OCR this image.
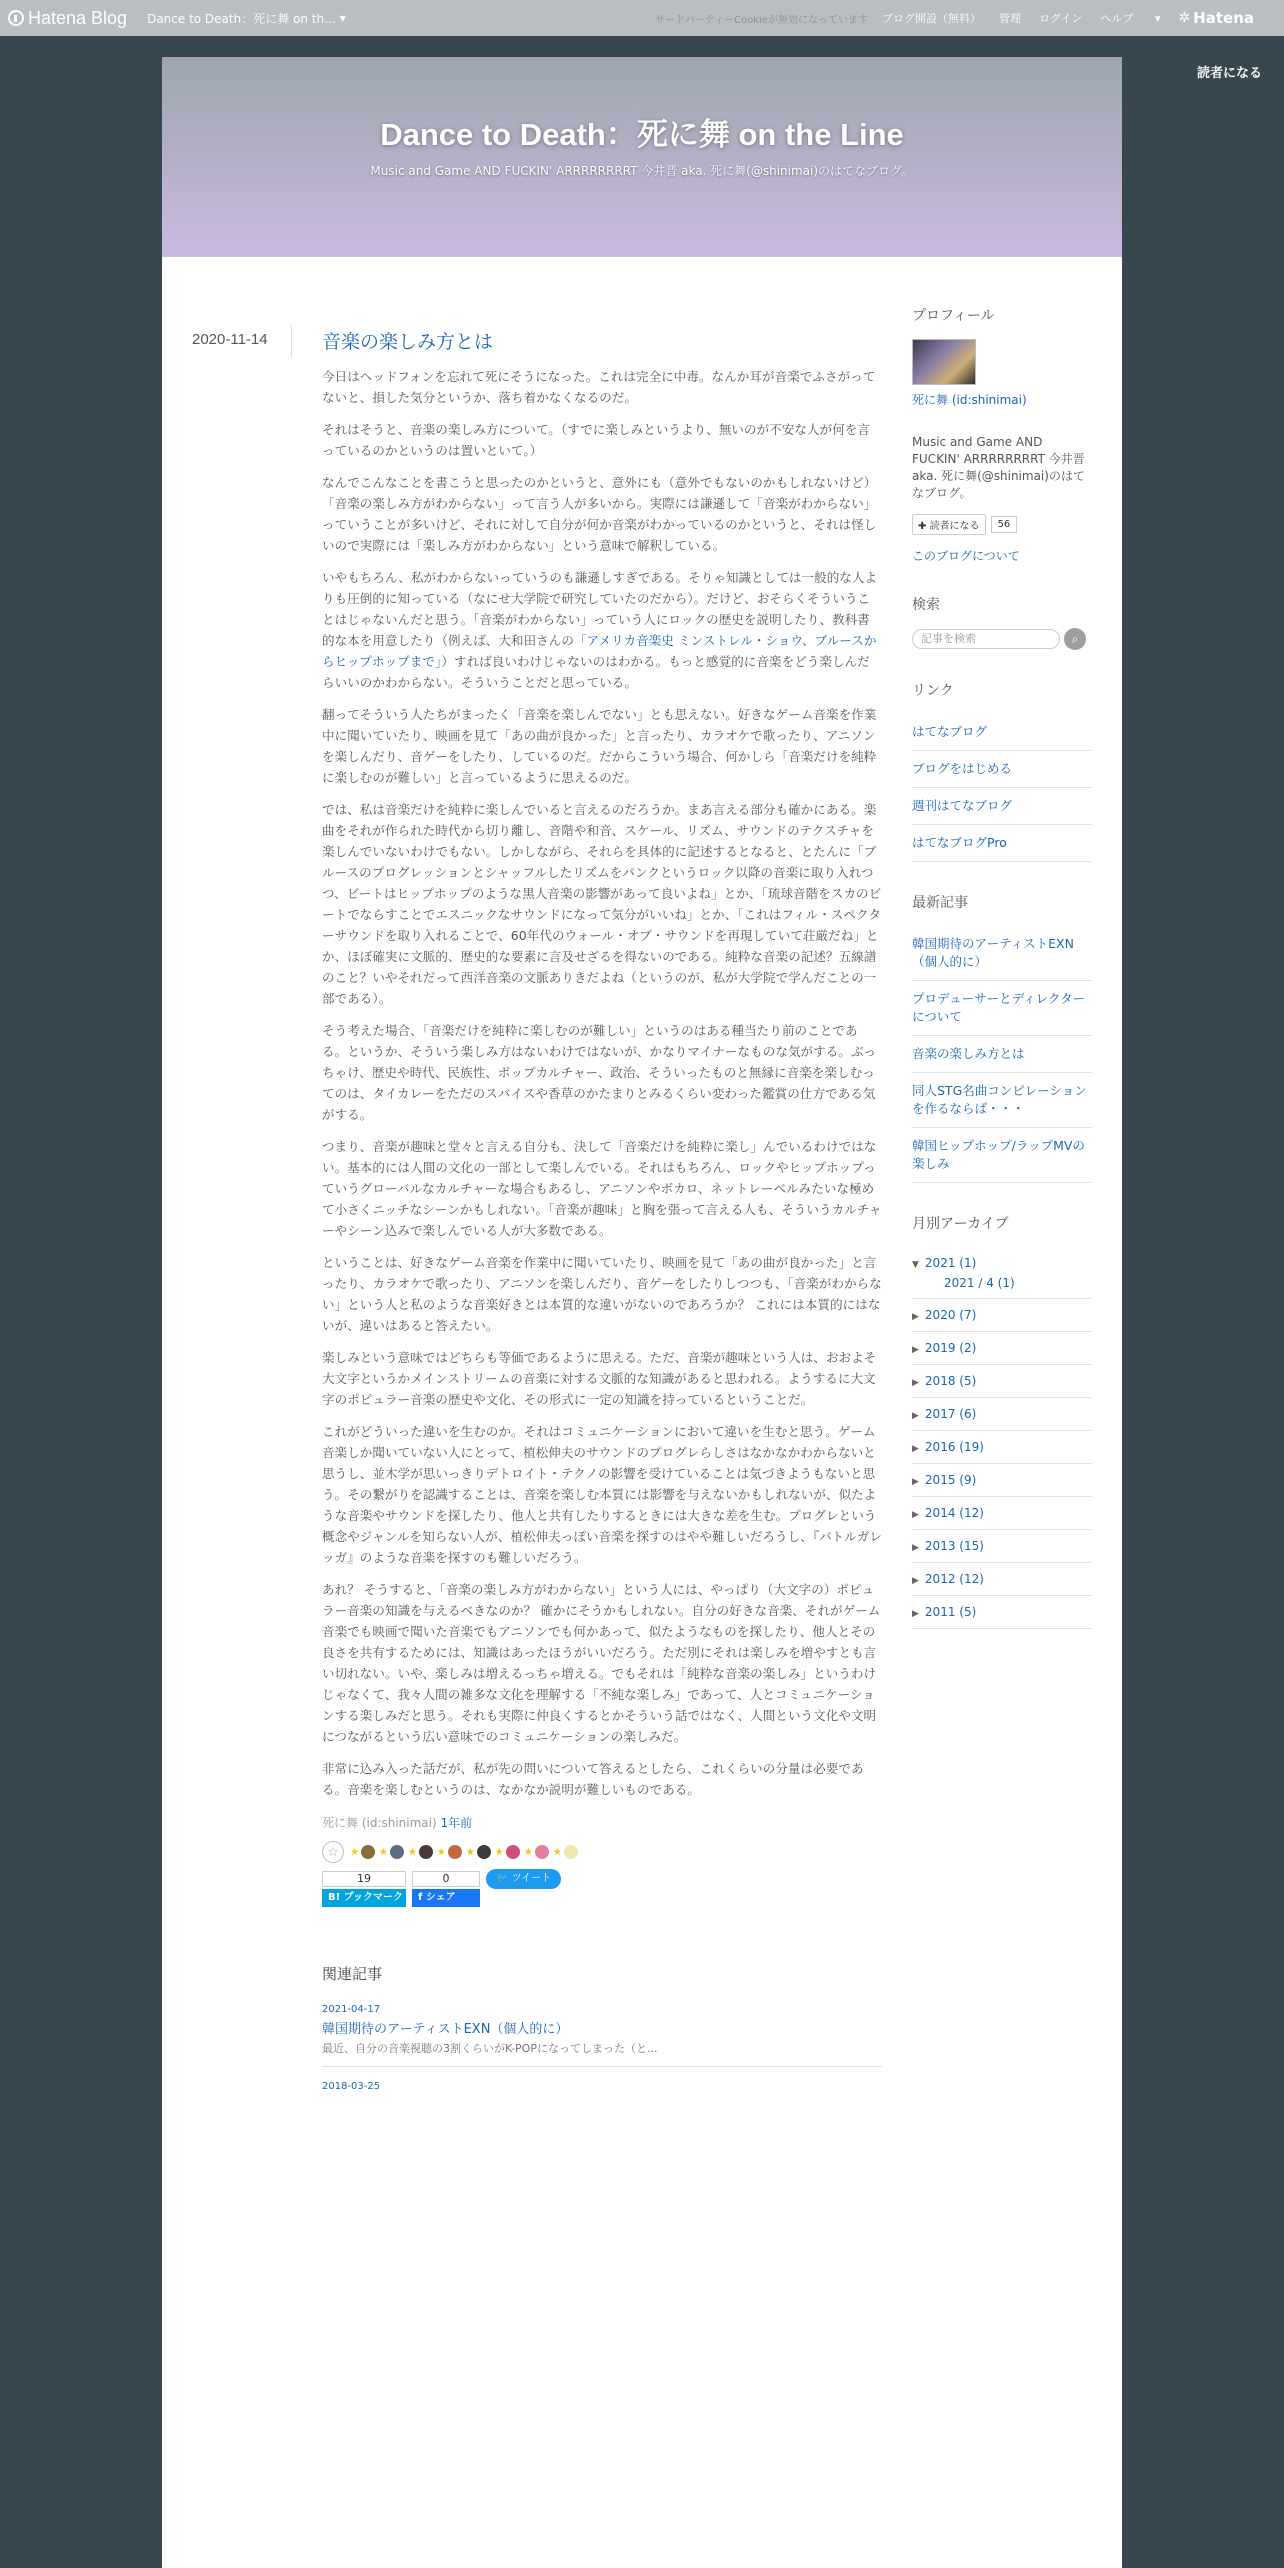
Hatena Blog Dance to Death：死に舞 on th... ▼	サードパーティーCookieが無効になっています ブログ開設（無料） 管理 ログイン ヘルプ ▾ ✲ Hatena
読者になる
Dance to Death：死に舞 on the Line

Music and Game AND FUCKIN' ARRRRRRRRT 今井晋 aka. 死に舞(@shinimai)のはてなブログ。

2020-11-14	音楽の楽しみ方とは

今日はヘッドフォンを忘れて死にそうになった。これは完全に中毒。なんか耳が音楽でふさがってないと、損した気分というか、落ち着かなくなるのだ。

それはそうと、音楽の楽しみ方について。（すでに楽しみというより、無いのが不安な人が何を言っているのかというのは置いといて。）

なんでこんなことを書こうと思ったのかというと、意外にも（意外でもないのかもしれないけど）「音楽の楽しみ方がわからない」って言う人が多いから。実際には謙遜して「音楽がわからない」っていうことが多いけど、それに対して自分が何か音楽がわかっているのかというと、それは怪しいので実際には「楽しみ方がわからない」という意味で解釈している。

いやもちろん、私がわからないっていうのも謙遜しすぎである。そりゃ知識としては一般的な人よりも圧倒的に知っている（なにせ大学院で研究していたのだから）。だけど、おそらくそういうことはじゃないんだと思う。「音楽がわからない」っていう人にロックの歴史を説明したり、教科書的な本を用意したり（例えば、大和田さんの「アメリカ音楽史 ミンストレル・ショウ、ブルースからヒップホップまで」）すれば良いわけじゃないのはわかる。もっと感覚的に音楽をどう楽しんだらいいのかわからない。そういうことだと思っている。

翻ってそういう人たちがまったく「音楽を楽しんでない」とも思えない。好きなゲーム音楽を作業中に聞いていたり、映画を見て「あの曲が良かった」と言ったり、カラオケで歌ったり、アニソンを楽しんだり、音ゲーをしたり、しているのだ。だからこういう場合、何かしら「音楽だけを純粋に楽しむのが難しい」と言っているように思えるのだ。

では、私は音楽だけを純粋に楽しんでいると言えるのだろうか。まあ言える部分も確かにある。楽曲をそれが作られた時代から切り離し、音階や和音、スケール、リズム、サウンドのテクスチャを楽しんでいないわけでもない。しかしながら、それらを具体的に記述するとなると、とたんに「ブルースのプログレッションとシャッフルしたリズムをパンクというロック以降の音楽に取り入れつつ、ビートはヒップホップのような黒人音楽の影響があって良いよね」とか、「琉球音階をスカのビートでならすことでエスニックなサウンドになって気分がいいね」とか、「これはフィル・スペクターサウンドを取り入れることで、60年代のウォール・オブ・サウンドを再現していて荘厳だね」とか、ほぼ確実に文脈的、歴史的な要素に言及せざるを得ないのである。純粋な音楽の記述？五線譜のこと？いやそれだって西洋音楽の文脈ありきだよね（というのが、私が大学院で学んだことの一部である）。

そう考えた場合、「音楽だけを純粋に楽しむのが難しい」というのはある種当たり前のことである。というか、そういう楽しみ方はないわけではないが、かなりマイナーなものな気がする。ぶっちゃけ、歴史や時代、民族性、ポップカルチャー、政治、そういったものと無縁に音楽を楽しむってのは、タイカレーをただのスパイスや香草のかたまりとみるくらい変わった鑑賞の仕方である気がする。

つまり、音楽が趣味と堂々と言える自分も、決して「音楽だけを純粋に楽し」んでいるわけではない。基本的には人間の文化の一部として楽しんでいる。それはもちろん、ロックやヒップホップっていうグローバルなカルチャーな場合もあるし、アニソンやボカロ、ネットレーベルみたいな極めて小さくニッチなシーンかもしれない。「音楽が趣味」と胸を張って言える人も、そういうカルチャーやシーン込みで楽しんでいる人が大多数である。

ということは、好きなゲーム音楽を作業中に聞いていたり、映画を見て「あの曲が良かった」と言ったり、カラオケで歌ったり、アニソンを楽しんだり、音ゲーをしたりしつつも、「音楽がわからない」という人と私のような音楽好きとは本質的な違いがないのであろうか？ これには本質的にはないが、違いはあると答えたい。

楽しみという意味ではどちらも等価であるように思える。ただ、音楽が趣味という人は、おおよそ大文字というかメインストリームの音楽に対する文脈的な知識があると思われる。ようするに大文字のポピュラー音楽の歴史や文化、その形式に一定の知識を持っているということだ。

これがどういった違いを生むのか。それはコミュニケーションにおいて違いを生むと思う。ゲーム音楽しか聞いていない人にとって、植松伸夫のサウンドのプログレらしさはなかなかわからないと思うし、並木学が思いっきりデトロイト・テクノの影響を受けていることは気づきようもないと思う。その繋がりを認識することは、音楽を楽しむ本質には影響を与えないかもしれないが、似たような音楽やサウンドを探したり、他人と共有したりするときには大きな差を生む。プログレという概念やジャンルを知らない人が、植松伸夫っぽい音楽を探すのはやや難しいだろうし、『バトルガレッガ』のような音楽を探すのも難しいだろう。

あれ？ そうすると、「音楽の楽しみ方がわからない」という人には、やっぱり（大文字の）ポピュラー音楽の知識を与えるべきなのか？ 確かにそうかもしれない。自分の好きな音楽、それがゲーム音楽でも映画で聞いた音楽でもアニソンでも何かあって、似たようなものを探したり、他人とその良さを共有するためには、知識はあったほうがいいだろう。ただ別にそれは楽しみを増やすとも言い切れない。いや、楽しみは増えるっちゃ増える。でもそれは「純粋な音楽の楽しみ」というわけじゃなくて、我々人間の雑多な文化を理解する「不純な楽しみ」であって、人とコミュニケーションする楽しみだと思う。それも実際に仲良くするとかそういう話ではなく、人間という文化や文明につながるという広い意味でのコミュニケーションの楽しみだ。

非常に込み入った話だが、私が先の問いについて答えるとしたら、これくらいの分量は必要である。音楽を楽しむというのは、なかなか説明が難しいものである。

死に舞 (id:shinimai) 1年前
☆	★ ★ ★ ★ ★ ★ ★ ★
19
B! ブックマーク
0
f シェア
🐦 ツイート
関連記事
2021-04-17
韓国期待のアーティストEXN（個人的に）
最近、自分の音楽視聴の3割くらいがK-POPになってしまった（と...
2018-03-25
プロフィール
死に舞 (id:shinimai)
Music and Game AND FUCKIN' ARRRRRRRRT 今井晋 aka. 死に舞(@shinimai)のはてなブログ。
✚ 読者になる	56
このブログについて
検索
記事を検索	⌕
リンク
はてなブログ
ブログをはじめる
週刊はてなブログ
はてなブログPro
最新記事
韓国期待のアーティストEXN（個人的に）
プロデューサーとディレクターについて
音楽の楽しみ方とは
同人STG名曲コンピレーションを作るならば・・・
韓国ヒップホップ/ラップMVの楽しみ
月別アーカイブ
▼ 2021 (1)
2021 / 4 (1)
▶ 2020 (7)
▶ 2019 (2)
▶ 2018 (5)
▶ 2017 (6)
▶ 2016 (19)
▶ 2015 (9)
▶ 2014 (12)
▶ 2013 (15)
▶ 2012 (12)
▶ 2011 (5)
